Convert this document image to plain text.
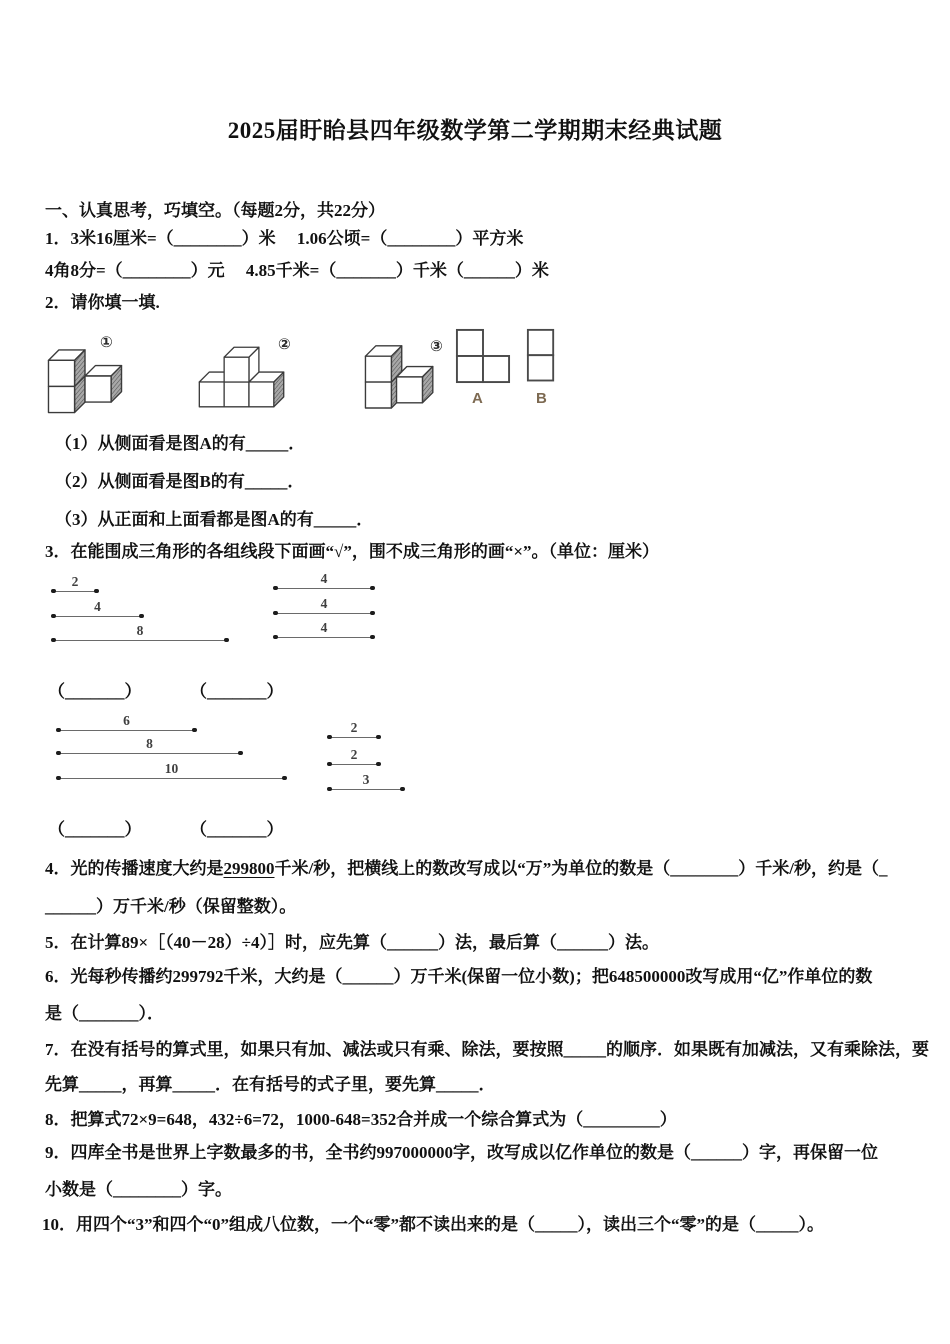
2025届盱眙县四年级数学第二学期期末经典试题
一、认真思考，巧填空。（每题2分，共22分）
1．3米16厘米=（________）米　 1.06公顷=（________）平方米
4角8分=（________）元　 4.85千米=（_______）千米（______）米
2．请你填一填.
①	②	③
A	B
（1）从侧面看是图A的有_____．
（2）从侧面看是图B的有_____．
（3）从正面和上面看都是图A的有_____．
3．在能围成三角形的各组线段下面画“√”，围不成三角形的画“×”。（单位：厘米）
2
4
8
4
4
4
（_______）	（_______）
6
8
10
2
2
3
（_______）	（_______）
4．光的传播速度大约是299800千米/秒，把横线上的数改写成以“万”为单位的数是（________）千米/秒，约是（_
______）万千米/秒（保留整数）。
5．在计算89×［（40－28）÷4）］时，应先算（______）法，最后算（______）法。
6．光每秒传播约299792千米，大约是（______）万千米(保留一位小数)；把648500000改写成用“亿”作单位的数
是（_______）．
7．在没有括号的算式里，如果只有加、减法或只有乘、除法，要按照_____的顺序．如果既有加减法，又有乘除法，要
先算_____，再算_____．在有括号的式子里，要先算_____．
8．把算式72×9=648，432÷6=72，1000-648=352合并成一个综合算式为（_________）
9．四库全书是世界上字数最多的书，全书约997000000字，改写成以亿作单位的数是（______）字，再保留一位
小数是（________）字。
10．用四个“3”和四个“0”组成八位数，一个“零”都不读出来的是（_____），读出三个“零”的是（_____）。
